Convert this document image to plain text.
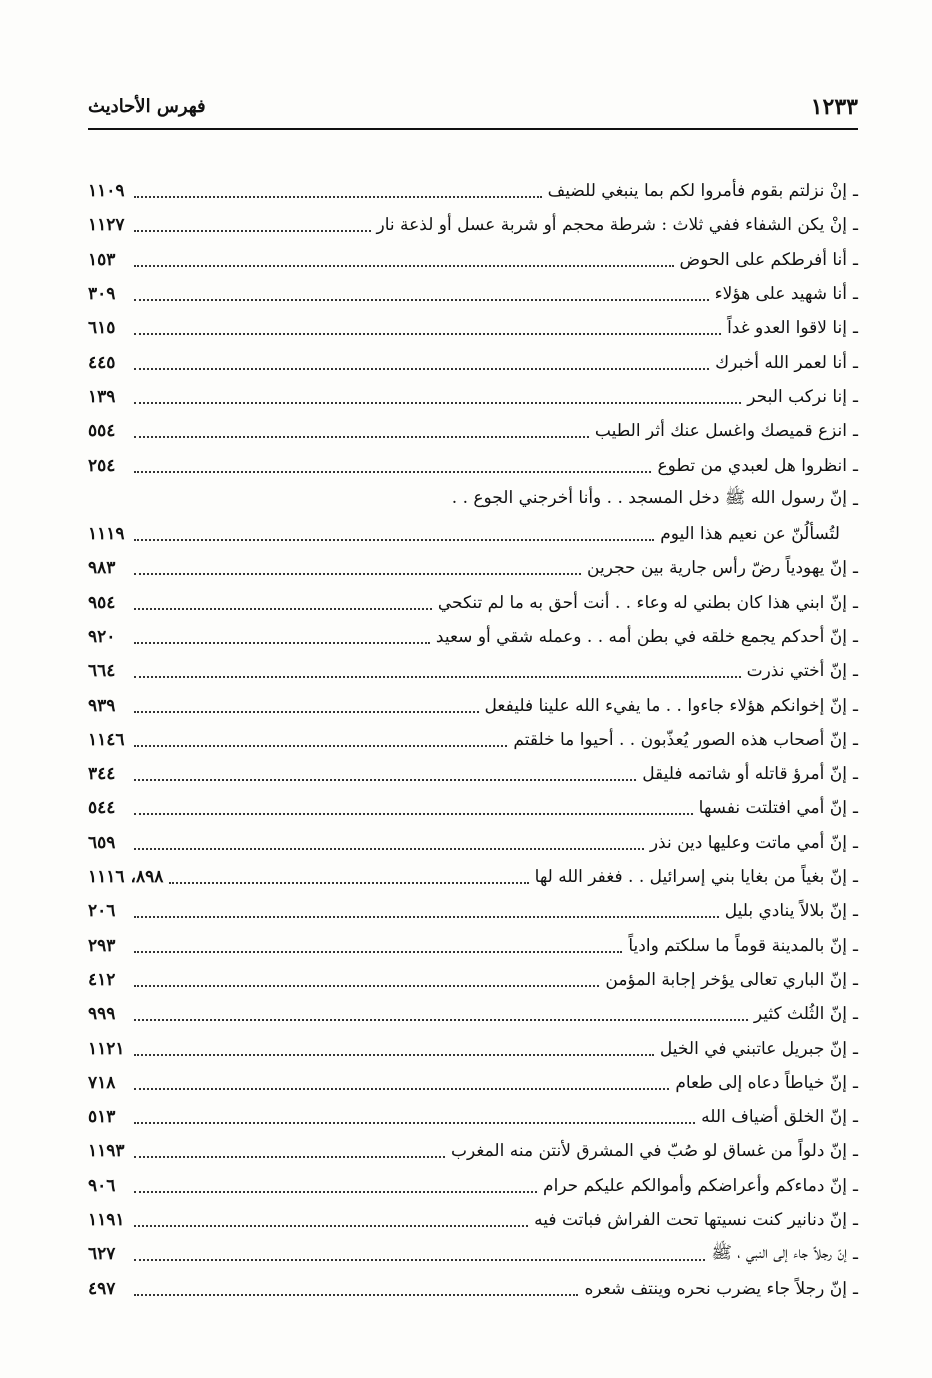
١٢٣٣
فهرس الأحاديث
ـ
إنْ نزلتم بقوم فأمروا لكم بما ينبغي للضيف
١١٠٩
ـ
إنْ يكن الشفاء ففي ثلاث : شرطة محجم أو شربة عسل أو لذعة نار
١١٢٧
ـ
أنا أفرطكم على الحوض
١٥٣
ـ
أنا شهيد على هؤلاء
٣٠٩
ـ
إنا لاقوا العدو غداً
٦١٥
ـ
أنا لعمر الله أخبرك
٤٤٥
ـ
إنا نركب البحر
١٣٩
ـ
انزع قميصك واغسل عنك أثر الطيب
٥٥٤
ـ
انظروا هل لعبدي من تطوع
٢٥٤
ـ
إنّ رسول الله ﷺ دخل المسجد . . وأنا أخرجني الجوع . .
لتُسألُنّ عن نعيم هذا اليوم
١١١٩
ـ
إنّ يهودياً رضّ رأس جارية بين حجرين
٩٨٣
ـ
إنّ ابني هذا كان بطني له وعاء . . أنت أحق به ما لم تنكحي
٩٥٤
ـ
إنّ أحدكم يجمع خلقه في بطن أمه . . وعمله شقي أو سعيد
٩٢٠
ـ
إنّ أختي نذرت
٦٦٤
ـ
إنّ إخوانكم هؤلاء جاءوا . . ما يفيء الله علينا فليفعل
٩٣٩
ـ
إنّ أصحاب هذه الصور يُعذّبون . . أحيوا ما خلقتم
١١٤٦
ـ
إنّ أمرؤ قاتله أو شاتمه فليقل
٣٤٤
ـ
إنّ أمي افتلتت نفسها
٥٤٤
ـ
إنّ أمي ماتت وعليها دين نذر
٦٥٩
ـ
إنّ بغياً من بغايا بني إسرائيل . . فغفر الله لها
٨٩٨، ١١١٦
ـ
إنّ بلالاً ينادي بليل
٢٠٦
ـ
إنّ بالمدينة قوماً ما سلكتم وادياً
٢٩٣
ـ
إنّ الباري تعالى يؤخر إجابة المؤمن
٤١٢
ـ
إنّ الثُلث كثير
٩٩٩
ـ
إنّ جبريل عاتبني في الخيل
١١٢١
ـ
إنّ خياطاً دعاه إلى طعام
٧١٨
ـ
إنّ الخلق أضياف الله
٥١٣
ـ
إنّ دلواً من غساق لو صُبّ في المشرق لأنتن منه المغرب
١١٩٣
ـ
إنّ دماءكم وأعراضكم وأموالكم عليكم حرام
٩٠٦
ـ
إنّ دنانير كنت نسيتها تحت الفراش فباتت فيه
١١٩١
ـ
إنّ رجلاً جاء إلى النبي ، ﷺ
٦٢٧
ـ
إنّ رجلاً جاء يضرب نحره وينتف شعره
٤٩٧
